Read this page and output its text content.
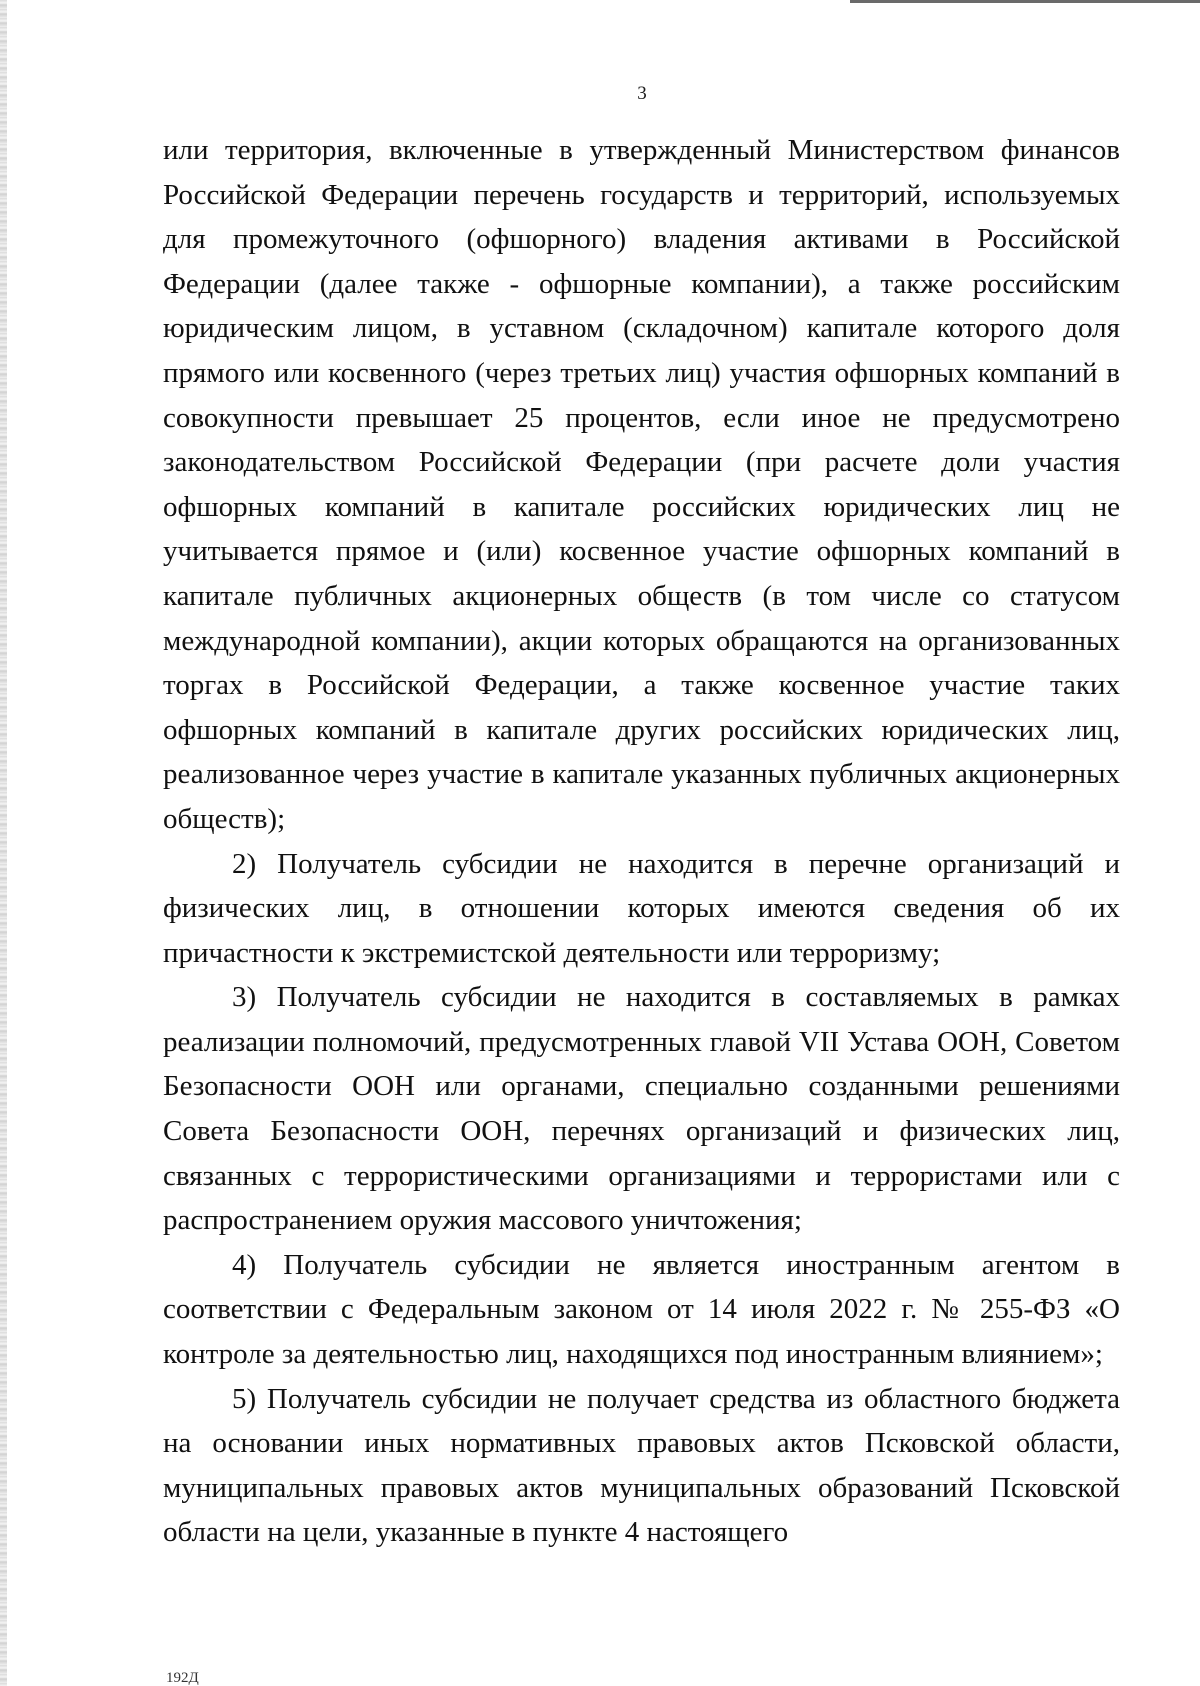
3

или территория, включенные в утвержденный Министерством финансов Российской Федерации перечень государств и территорий, используемых для промежуточного (офшорного) владения активами в Российской Федерации (далее также - офшорные компании), а также российским юридическим лицом, в уставном (складочном) капитале которого доля прямого или косвенного (через третьих лиц) участия офшорных компаний в совокупности превышает 25 процентов, если иное не предусмотрено законодательством Российской Федерации (при расчете доли участия офшорных компаний в капитале российских юридических лиц не учитывается прямое и (или) косвенное участие офшорных компаний в капитале публичных акционерных обществ (в том числе со статусом международной компании), акции которых обращаются на организованных торгах в Российской Федерации, а также косвенное участие таких офшорных компаний в капитале других российских юридических лиц, реализованное через участие в капитале указанных публичных акционерных обществ);

2) Получатель субсидии не находится в перечне организаций и физических лиц, в отношении которых имеются сведения об их причастности к экстремистской деятельности или терроризму;

3) Получатель субсидии не находится в составляемых в рамках реализации полномочий, предусмотренных главой VII Устава ООН, Советом Безопасности ООН или органами, специально созданными решениями Совета Безопасности ООН, перечнях организаций и физических лиц, связанных с террористическими организациями и террористами или с распространением оружия массового уничтожения;

4) Получатель субсидии не является иностранным агентом в соответствии с Федеральным законом от 14 июля 2022 г. № 255-ФЗ «О контроле за деятельностью лиц, находящихся под иностранным влиянием»;

5) Получатель субсидии не получает средства из областного бюджета на основании иных нормативных правовых актов Псковской области, муниципальных правовых актов муниципальных образований Псковской области на цели, указанные в пункте 4 настоящего

192Д
